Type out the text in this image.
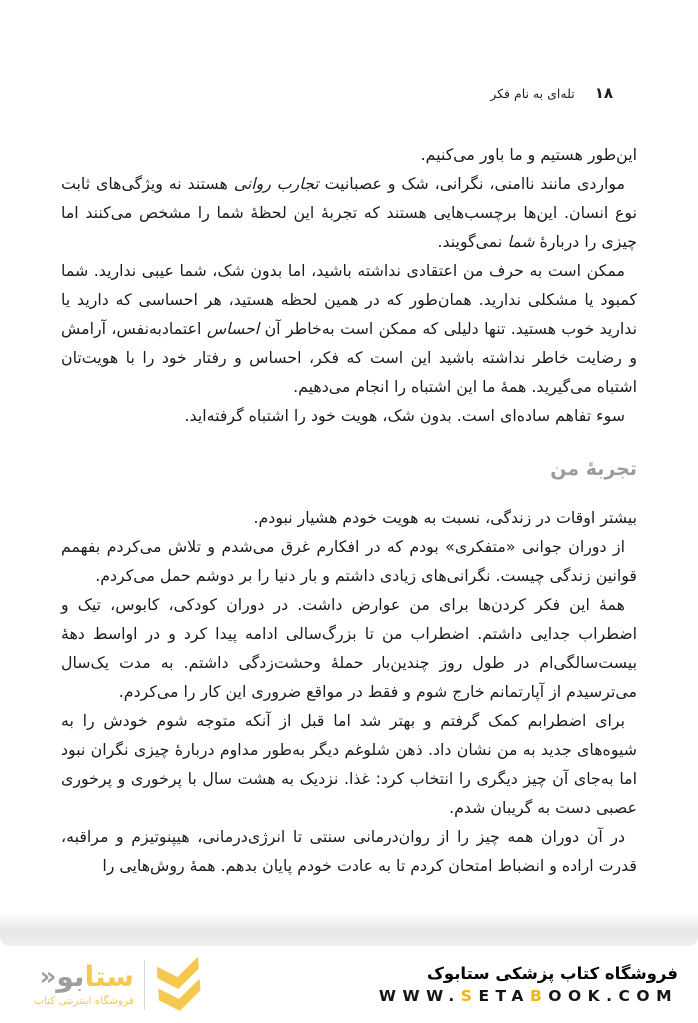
۱۸
تله‌ای به نام فکر

این‌طور هستیم و ما باور می‌کنیم.

مواردی مانند ناامنی، نگرانی، شک و عصبانیت تجارب روانی هستند نه ویژگی‌های ثابت نوع انسان. این‌ها برچسب‌هایی هستند که تجربهٔ این لحظهٔ شما را مشخص می‌کنند اما چیزی را دربارهٔ شما نمی‌گویند.

ممکن است به حرف من اعتقادی نداشته باشید، اما بدون شک، شما عیبی ندارید. شما کمبود یا مشکلی ندارید. همان‌طور که در همین لحظه هستید، هر احساسی که دارید یا ندارید خوب هستید. تنها دلیلی که ممکن است به‌خاطر آن احساس اعتمادبه‌نفس، آرامش و رضایت خاطر نداشته باشید این است که فکر، احساس و رفتار خود را با هویت‌تان اشتباه می‌گیرید. همهٔ ما این اشتباه را انجام می‌دهیم.

سوء تفاهم ساده‌ای است. بدون شک، هویت خود را اشتباه گرفته‌اید.

تجربهٔ من

بیشتر اوقات در زندگی، نسبت به هویت خودم هشیار نبودم.

از دوران جوانی «متفکری» بودم که در افکارم غرق می‌شدم و تلاش می‌کردم بفهمم قوانین زندگی چیست. نگرانی‌های زیادی داشتم و بار دنیا را بر دوشم حمل می‌کردم.

همهٔ این فکر کردن‌ها برای من عوارض داشت. در دوران کودکی، کابوس، تیک و اضطراب جدایی داشتم. اضطراب من تا بزرگ‌سالی ادامه پیدا کرد و در اواسط دههٔ بیست‌سالگی‌ام در طول روز چندین‌بار حملهٔ وحشت‌زدگی داشتم. به مدت یک‌سال می‌ترسیدم از آپارتمانم خارج شوم و فقط در مواقع ضروری این کار را می‌کردم.

برای اضطرابم کمک گرفتم و بهتر شد اما قبل از آنکه متوجه شوم خودش را به شیوه‌های جدید به من نشان داد. ذهن شلوغم دیگر به‌طور مداوم دربارهٔ چیزی نگران نبود اما به‌جای آن چیز دیگری را انتخاب کرد: غذا. نزدیک به هشت سال با پرخوری و پرخوری عصبی دست به گریبان شدم.

در آن دوران همه چیز را از روان‌درمانی سنتی تا انرژی‌درمانی، هیپنوتیزم و مراقبه، قدرت اراده و انضباط امتحان کردم تا به عادت خودم پایان بدهم. همهٔ روش‌هایی را

ستا
بو
«
فروشگاه اینترنتی کتاب
فروشگاه کتاب پزشکی ستابوک
WWW.SETABOOK.COM
